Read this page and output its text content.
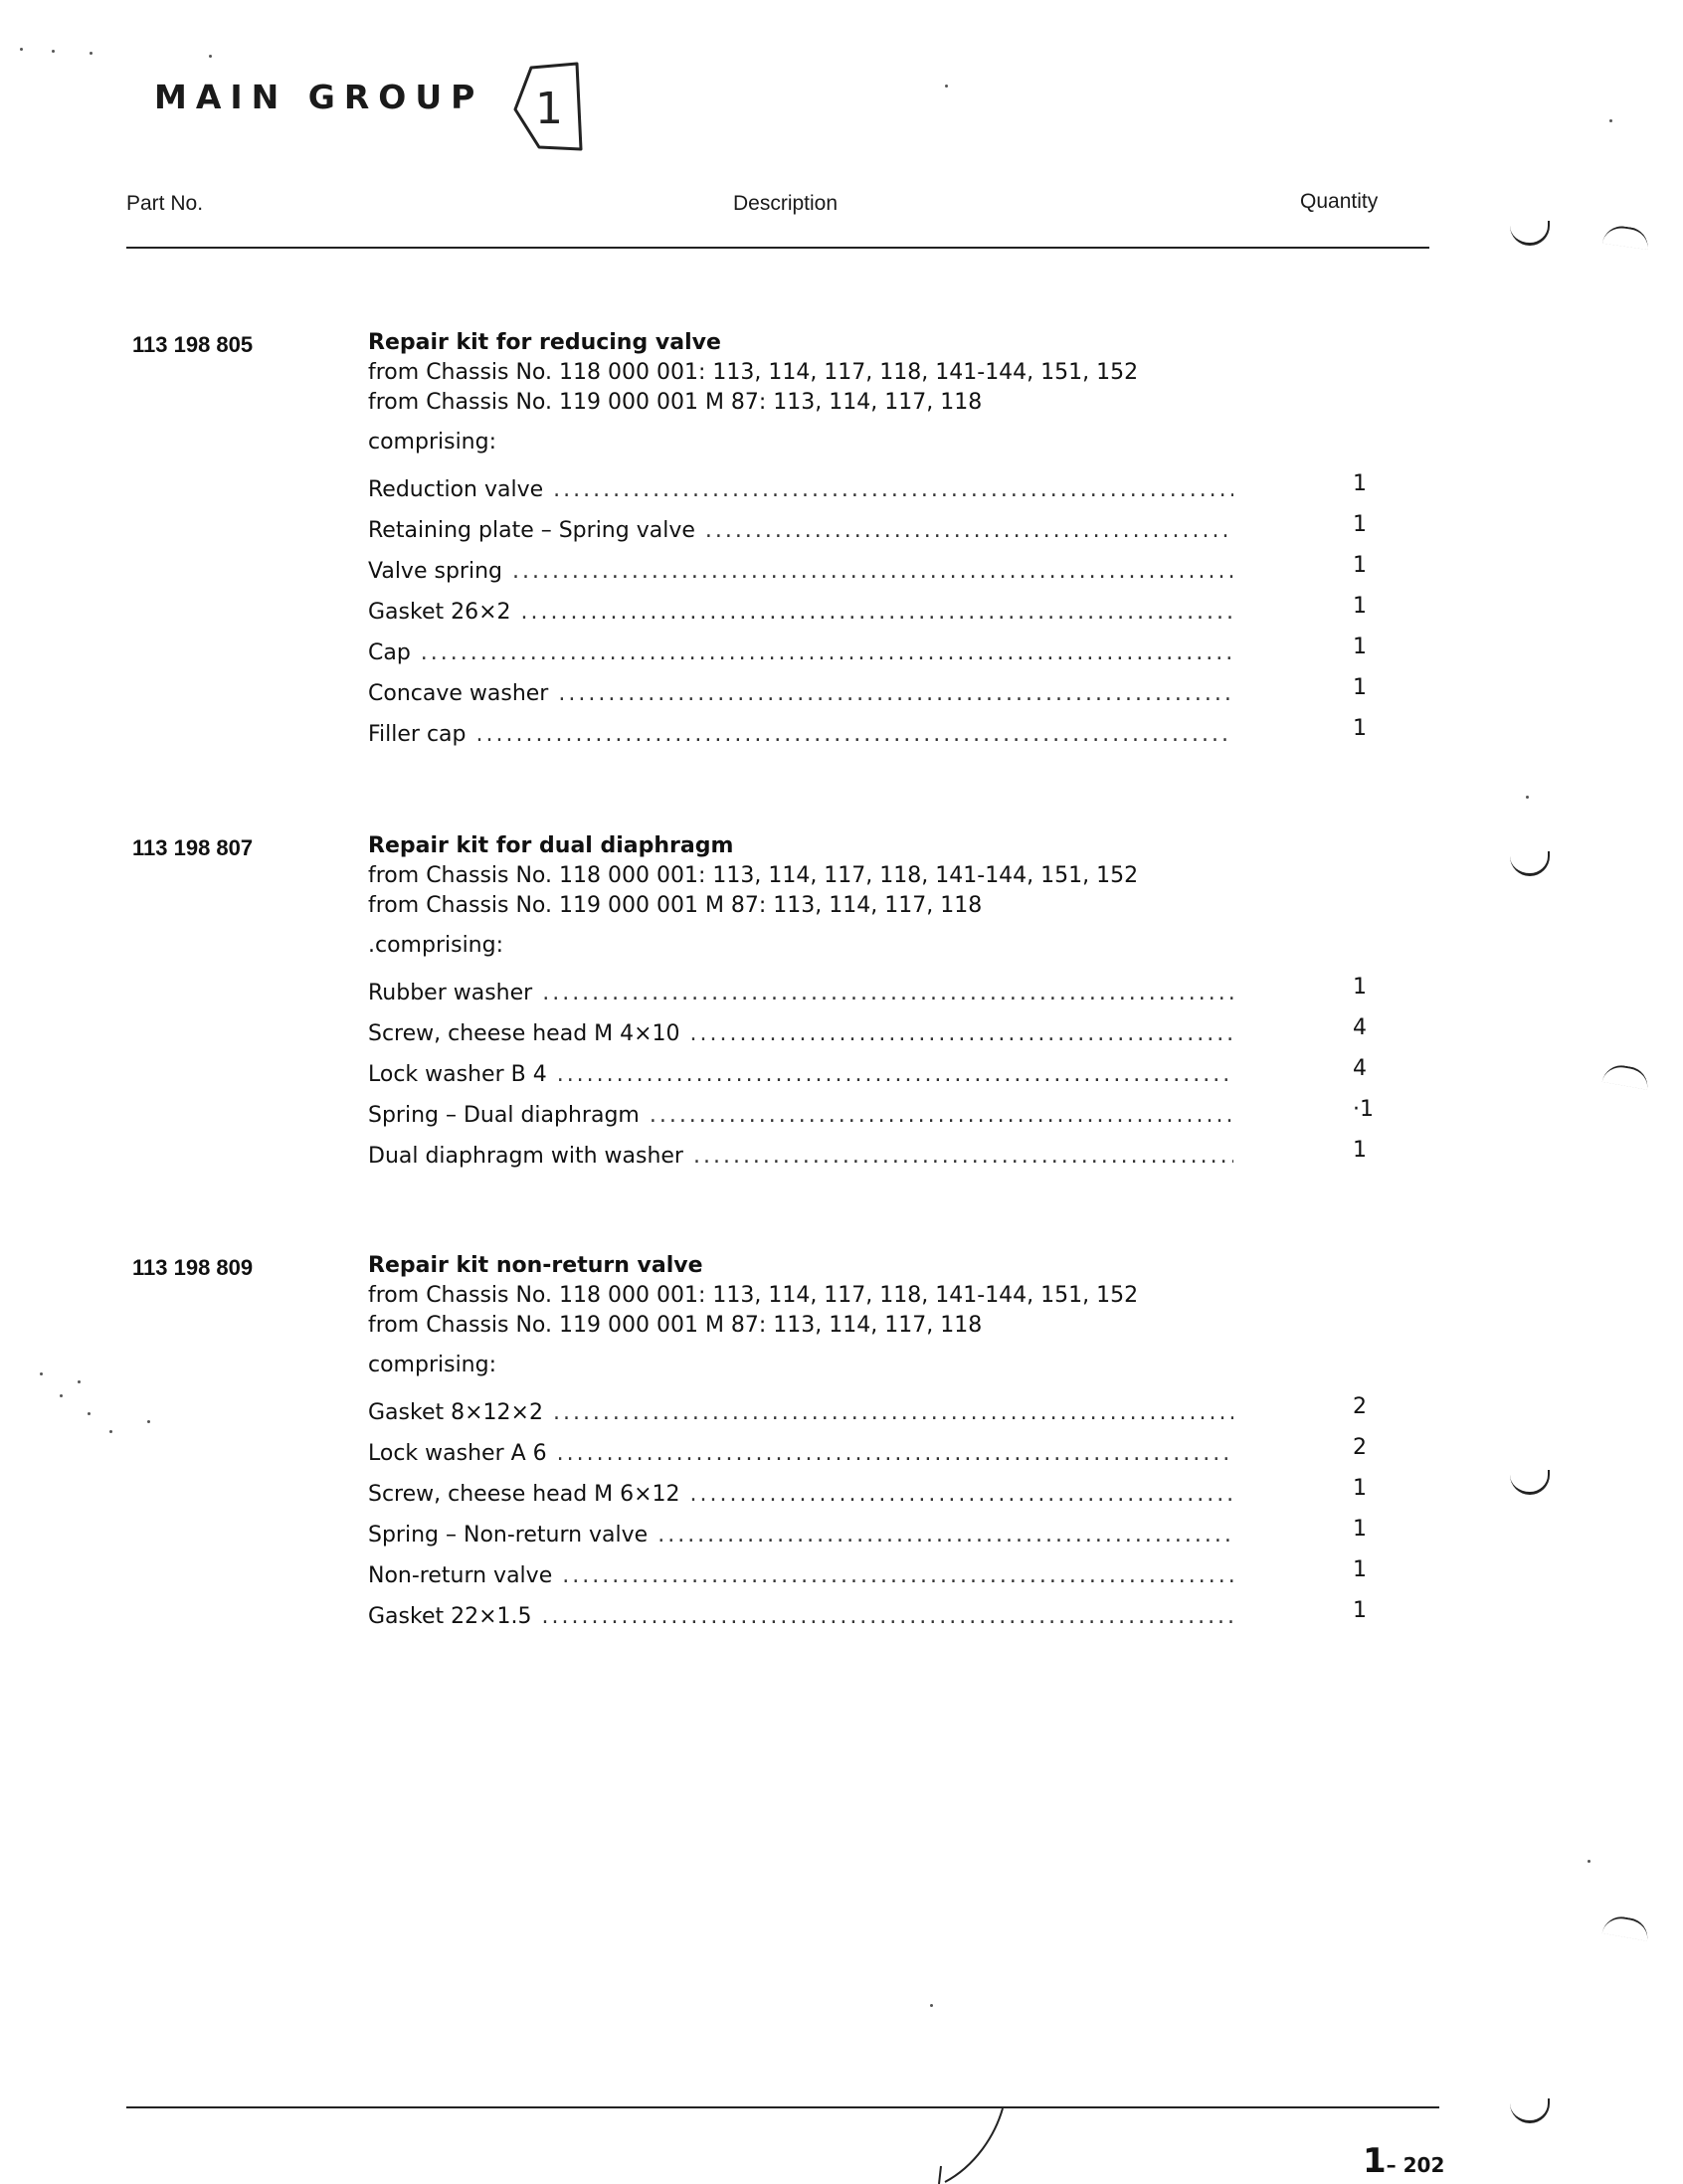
MAIN GROUP 1
Part No.	Description	Quantity
113 198 805	Repair kit for reducing valve
from Chassis No. 118 000 001: 113, 114, 117, 118, 141-144, 151, 152
from Chassis No. 119 000 001 M 87: 113, 114, 117, 118
comprising:
Reduction valve .....	1
Retaining plate – Spring valve .....	1
Valve spring .....	1
Gasket 26×2 .....	1
Cap .....	1
Concave washer .....	1
Filler cap .....	1
113 198 807	Repair kit for dual diaphragm
from Chassis No. 118 000 001: 113, 114, 117, 118, 141-144, 151, 152
from Chassis No. 119 000 001 M 87: 113, 114, 117, 118
.comprising:
Rubber washer .....	1
Screw, cheese head M 4×10 .....	4
Lock washer B 4 .....	4
Spring – Dual diaphragm .....	·1
Dual diaphragm with washer .....	1
113 198 809	Repair kit non-return valve
from Chassis No. 118 000 001: 113, 114, 117, 118, 141-144, 151, 152
from Chassis No. 119 000 001 M 87: 113, 114, 117, 118
comprising:
Gasket 8×12×2 .....	2
Lock washer A 6 .....	2
Screw, cheese head M 6×12 .....	1
Spring – Non-return valve .....	1
Non-return valve .....	1
Gasket 22×1.5 .....	1
1– 202
